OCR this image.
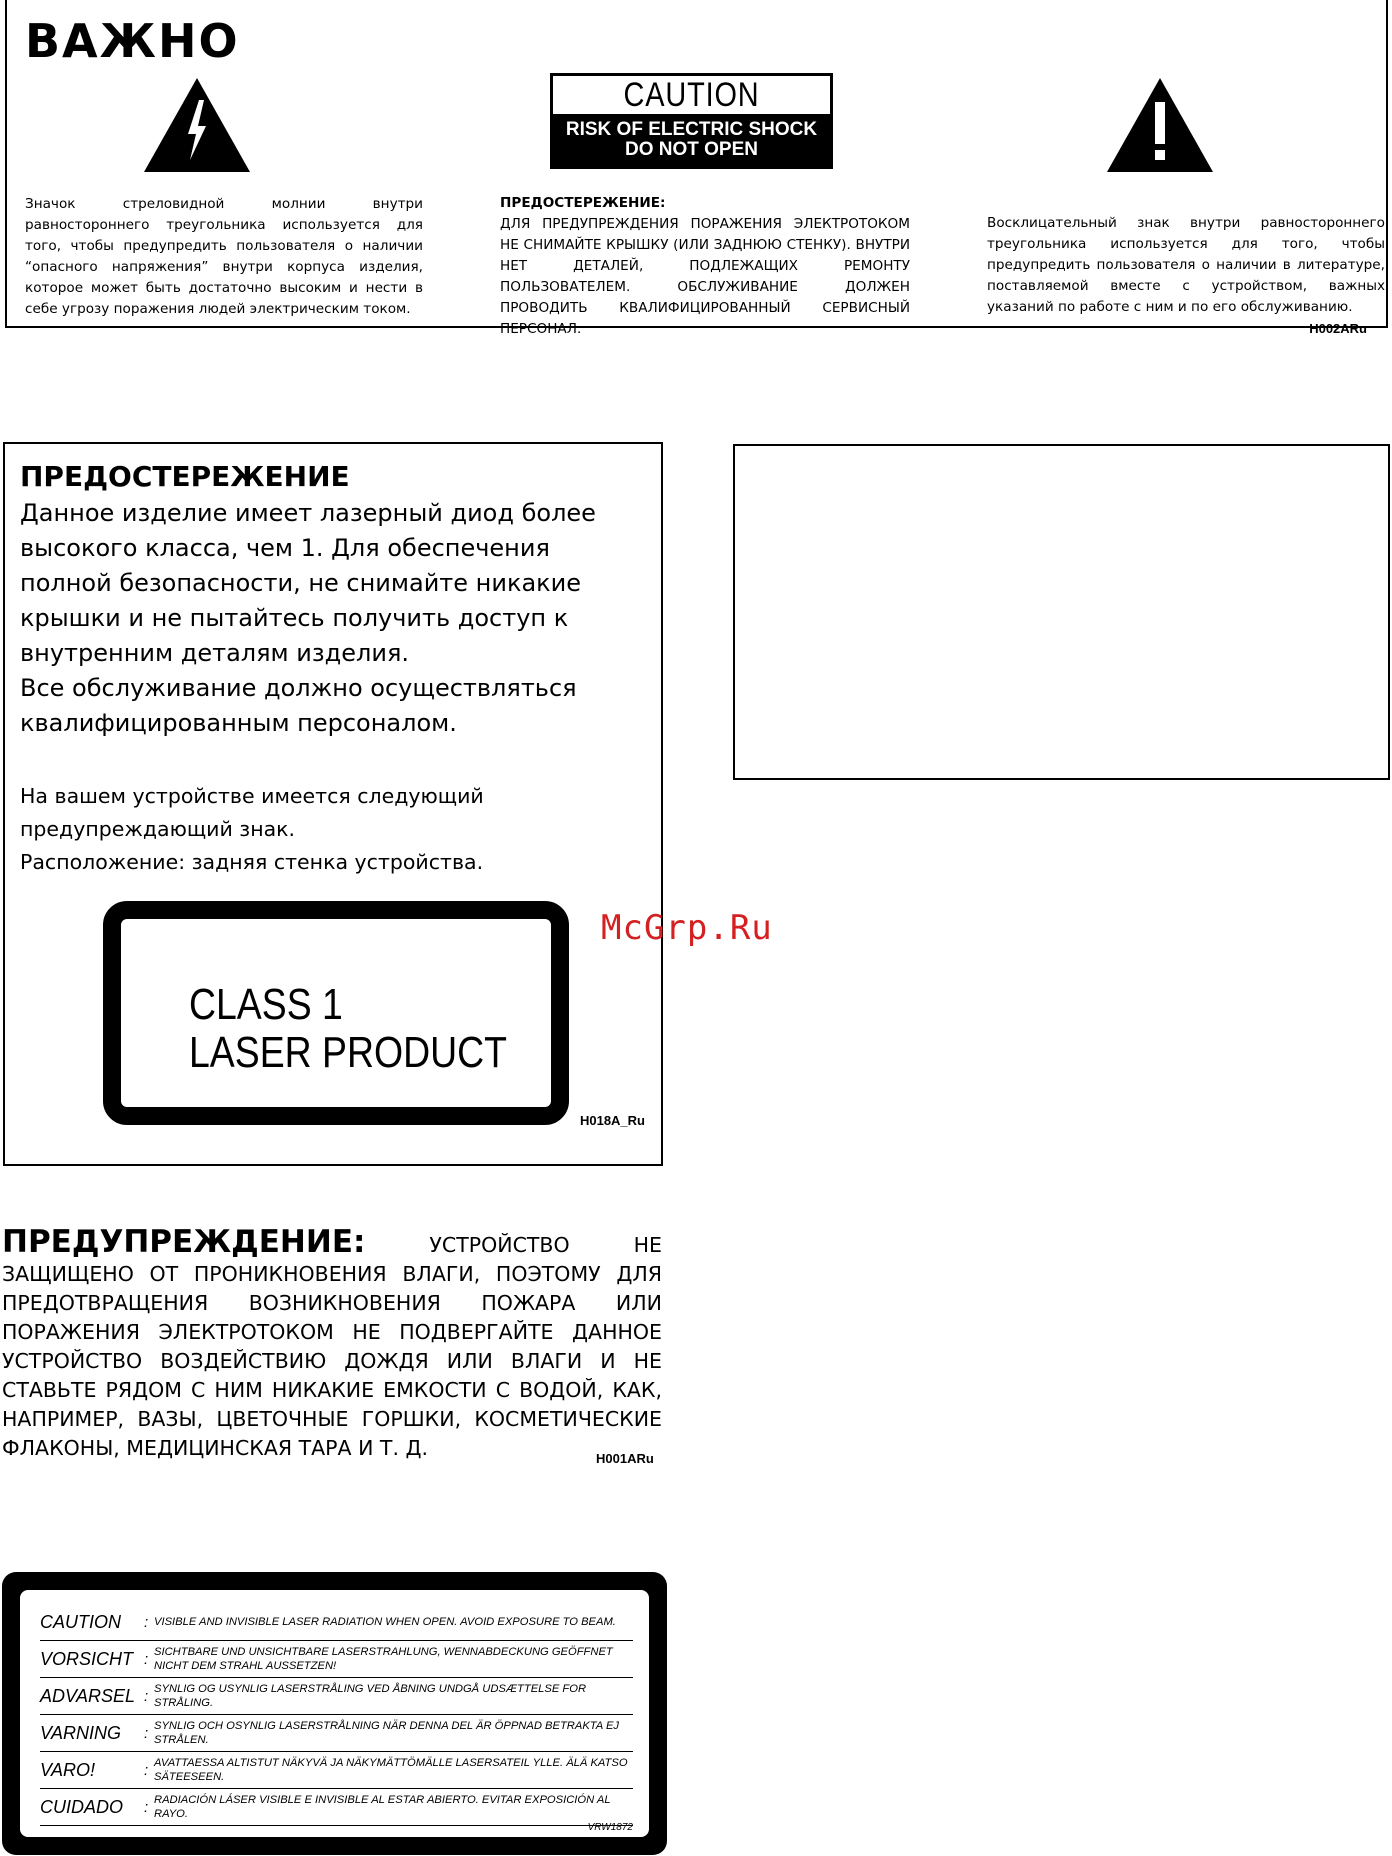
ВАЖНО
Значок стреловидной молнии внутри равностороннего треугольника используется для того, чтобы предупредить пользователя о наличии “опасного напряжения” внутри корпуса изделия, которое может быть достаточно высоким и нести в себе угрозу поражения людей электрическим током.
CAUTION
RISK OF ELECTRIC SHOCK
DO NOT OPEN
ПРЕДОСТЕРЕЖЕНИЕ:
ДЛЯ ПРЕДУПРЕЖДЕНИЯ ПОРАЖЕНИЯ ЭЛЕКТРОТОКОМ НЕ СНИМАЙТЕ КРЫШКУ (ИЛИ ЗАДНЮЮ СТЕНКУ). ВНУТРИ НЕТ ДЕТАЛЕЙ, ПОДЛЕЖАЩИХ РЕМОНТУ ПОЛЬЗОВАТЕЛЕМ. ОБСЛУЖИВАНИЕ ДОЛЖЕН ПРОВОДИТЬ КВАЛИФИЦИРОВАННЫЙ СЕРВИСНЫЙ ПЕРСОНАЛ.
Восклицательный знак внутри равностороннего треугольника используется для того, чтобы предупредить пользователя о наличии в литературе, поставляемой вместе с устройством, важных указаний по работе с ним и по его обслуживанию.
H002ARu
ПРЕДОСТЕРЕЖЕНИЕ
Данное изделие имеет лазерный диод более высокого класса, чем 1. Для обеспечения полной безопасности, не снимайте никакие крышки и не пытайтесь получить доступ к внутренним деталям изделия.
Все обслуживание должно осуществляться квалифицированным персоналом.
На вашем устройстве имеется следующий предупреждающий знак.
Расположение: задняя стенка устройства.
CLASS 1
LASER PRODUCT
H018A_Ru
McGrp.Ru
ПРЕДУПРЕЖДЕНИЕ:	УСТРОЙСТВО НЕ ЗАЩИЩЕНО ОТ ПРОНИКНОВЕНИЯ ВЛАГИ, ПОЭТОМУ ДЛЯ ПРЕДОТВРАЩЕНИЯ ВОЗНИКНОВЕНИЯ ПОЖАРА ИЛИ ПОРАЖЕНИЯ ЭЛЕКТРОТОКОМ НЕ ПОДВЕРГАЙТЕ ДАННОЕ УСТРОЙСТВО ВОЗДЕЙСТВИЮ ДОЖДЯ ИЛИ ВЛАГИ И НЕ СТАВЬТЕ РЯДОМ С НИМ НИКАКИЕ ЕМКОСТИ С ВОДОЙ, КАК, НАПРИМЕР, ВАЗЫ, ЦВЕТОЧНЫЕ ГОРШКИ, КОСМЕТИЧЕСКИЕ ФЛАКОНЫ, МЕДИЦИНСКАЯ ТАРА И Т. Д.	H001ARu
CAUTION	: VISIBLE AND INVISIBLE LASER RADIATION WHEN OPEN. AVOID EXPOSURE TO BEAM.
VORSICHT : SICHTBARE UND UNSICHTBARE LASERSTRAHLUNG, WENNABDECKUNG GEÖFFNET NICHT DEM STRAHL AUSSETZEN!
ADVARSEL : SYNLIG OG USYNLIG LASERSTRÅLING VED ÅBNING UNDGÅ UDSÆTTELSE FOR STRÅLING.
VARNING	: SYNLIG OCH OSYNLIG LASERSTRÅLNING NÄR DENNA DEL ÄR ÖPPNAD BETRAKTA EJ STRÅLEN.
VARO!	: AVATTAESSA ALTISTUT NÄKYVÄ JA NÄKYMÄTTÖMÄLLE LASERSATEIL YLLE. ÄLÄ KATSO SÄTEESEEN.
CUIDADO	: RADIACIÓN LÁSER VISIBLE E INVISIBLE AL ESTAR ABIERTO. EVITAR EXPOSICIÓN AL RAYO.
VRW1872
